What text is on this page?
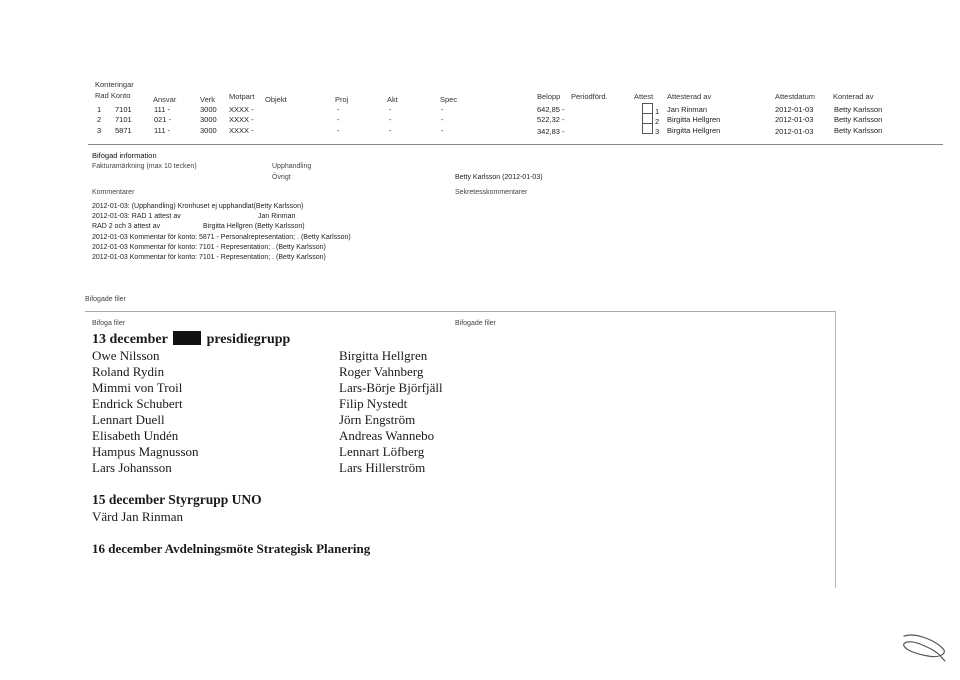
Konteringar
Rad Konto	Ansvar	Verk Motpart Objekt	Proj	Akt	Spec	Belopp Periodförd.	Attest Attesterad av	Attestdatum Konterad av
1 7101	111 -	3000 XXXX -	-	-	-	642,85 -	1 Jan Rinman	2012-01-03	Betty Karlsson
2 7101	021 -	3000 XXXX -	-	-	-	522,32 -	2 Birgitta Hellgren	2012-01-03	Betty Karlsson
3 5871	111 -	3000 XXXX -	-	-	-	342,83 -	3 Birgitta Hellgren	2012-01-03	Betty Karlsson
Bifogad information
Fakturamärkning (max 10 tecken)	Upphandling
Övrigt	Betty Karlsson (2012-01-03)
Kommentarer	Sekretesskommentarer
2012-01-03: (Upphandling) Kronhuset ej upphandlat(Betty Karlsson)
2012-01-03: RAD 1 attest av	Jan Rinman
RAD 2 och 3 attest av	Birgitta Hellgren (Betty Karlsson)
2012-01-03 Kommentar för konto: 5871 - Personalrepresentation; . (Betty Karlsson)
2012-01-03 Kommentar för konto: 7101 - Representation; . (Betty Karlsson)
2012-01-03 Kommentar för konto: 7101 - Representation; . (Betty Karlsson)
Bifogade filer
Bifoga filer	Bifogade filer
13 december	presidiegrupp
Owe Nilsson
Roland Rydin
Mimmi von Troil
Endrick Schubert
Lennart Duell
Elisabeth Undén
Hampus Magnusson
Lars Johansson
Birgitta Hellgren
Roger Vahnberg
Lars-Börje Björfjäll
Filip Nystedt
Jörn Engström
Andreas Wannebo
Lennart Löfberg
Lars Hillerström
15 december Styrgrupp UNO
Värd Jan Rinman
16 december Avdelningsmöte Strategisk Planering
